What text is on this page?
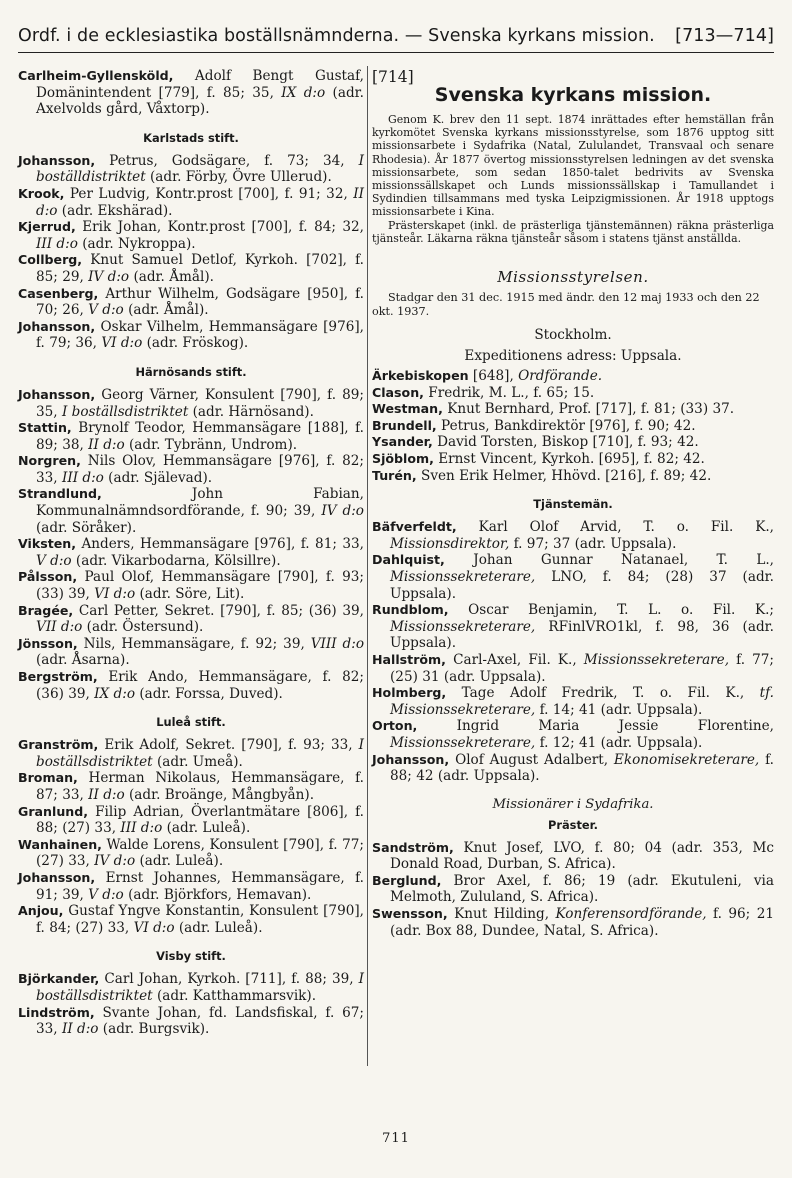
Ordf. i de ecklesiastika boställsnämnderna. — Svenska kyrkans mission. [713—714]

Carlheim-Gyllensköld, Adolf Bengt Gustaf, Domänintendent [779], f. 85; 35, IX d:o (adr. Axelvolds gård, Våxtorp).

Karlstads stift.

Johansson, Petrus, Godsägare, f. 73; 34, I boställdistriktet (adr. Förby, Övre Ullerud).

Krook, Per Ludvig, Kontr.prost [700], f. 91; 32, II d:o (adr. Ekshärad).

Kjerrud, Erik Johan, Kontr.prost [700], f. 84; 32, III d:o (adr. Nykroppa).

Collberg, Knut Samuel Detlof, Kyrkoh. [702], f. 85; 29, IV d:o (adr. Åmål).

Casenberg, Arthur Wilhelm, Godsägare [950], f. 70; 26, V d:o (adr. Åmål).

Johansson, Oskar Vilhelm, Hemmansägare [976], f. 79; 36, VI d:o (adr. Fröskog).

Härnösands stift.

Johansson, Georg Värner, Konsulent [790], f. 89; 35, I boställsdistriktet (adr. Härnösand).

Stattin, Brynolf Teodor, Hemmansägare [188], f. 89; 38, II d:o (adr. Tybränn, Undrom).

Norgren, Nils Olov, Hemmansägare [976], f. 82; 33, III d:o (adr. Själevad).

Strandlund, John Fabian, Kommunalnämndsordförande, f. 90; 39, IV d:o (adr. Söråker).

Viksten, Anders, Hemmansägare [976], f. 81; 33, V d:o (adr. Vikarbodarna, Kölsillre).

Pålsson, Paul Olof, Hemmansägare [790], f. 93; (33) 39, VI d:o (adr. Söre, Lit).

Bragée, Carl Petter, Sekret. [790], f. 85; (36) 39, VII d:o (adr. Östersund).

Jönsson, Nils, Hemmansägare, f. 92; 39, VIII d:o (adr. Åsarna).

Bergström, Erik Ando, Hemmansägare, f. 82; (36) 39, IX d:o (adr. Forssa, Duved).

Luleå stift.

Granström, Erik Adolf, Sekret. [790], f. 93; 33, I boställsdistriktet (adr. Umeå).

Broman, Herman Nikolaus, Hemmansägare, f. 87; 33, II d:o (adr. Broänge, Mångbyån).

Granlund, Filip Adrian, Överlantmätare [806], f. 88; (27) 33, III d:o (adr. Luleå).

Wanhainen, Walde Lorens, Konsulent [790], f. 77; (27) 33, IV d:o (adr. Luleå).

Johansson, Ernst Johannes, Hemmansägare, f. 91; 39, V d:o (adr. Björkfors, Hemavan).

Anjou, Gustaf Yngve Konstantin, Konsulent [790], f. 84; (27) 33, VI d:o (adr. Luleå).

Visby stift.

Björkander, Carl Johan, Kyrkoh. [711], f. 88; 39, I boställsdistriktet (adr. Katthammarsvik).

Lindström, Svante Johan, fd. Landsfiskal, f. 67; 33, II d:o (adr. Burgsvik).

[714]
Svenska kyrkans mission.

Genom K. brev den 11 sept. 1874 inrättades efter hemställan från kyrkomötet Svenska kyrkans missionsstyrelse, som 1876 upptog sitt missionsarbete i Sydafrika (Natal, Zululandet, Transvaal och senare Rhodesia). År 1877 övertog missionsstyrelsen ledningen av det svenska missionsarbete, som sedan 1850-talet bedrivits av Svenska missionssällskapet och Lunds missionssällskap i Tamullandet i Sydindien tillsammans med tyska Leipzigmissionen. År 1918 upptogs missionsarbete i Kina.

Prästerskapet (inkl. de prästerliga tjänstemännen) räkna prästerliga tjänsteår. Läkarna räkna tjänsteår såsom i statens tjänst anställda.

Missionsstyrelsen.

Stadgar den 31 dec. 1915 med ändr. den 12 maj 1933 och den 22 okt. 1937.

Stockholm.
Expeditionens adress: Uppsala.

Ärkebiskopen [648], Ordförande.

Clason, Fredrik, M. L., f. 65; 15.

Westman, Knut Bernhard, Prof. [717], f. 81; (33) 37.

Brundell, Petrus, Bankdirektör [976], f. 90; 42.

Ysander, David Torsten, Biskop [710], f. 93; 42.

Sjöblom, Ernst Vincent, Kyrkoh. [695], f. 82; 42.

Turén, Sven Erik Helmer, Hhövd. [216], f. 89; 42.

Tjänstemän.

Bäfverfeldt, Karl Olof Arvid, T. o. Fil. K., Missionsdirektor, f. 97; 37 (adr. Uppsala).

Dahlquist, Johan Gunnar Natanael, T. L., Missionssekreterare, LNO, f. 84; (28) 37 (adr. Uppsala).

Rundblom, Oscar Benjamin, T. L. o. Fil. K.; Missionssekreterare, RFinlVRO1kl, f. 98, 36 (adr. Uppsala).

Hallström, Carl-Axel, Fil. K., Missionssekreterare, f. 77; (25) 31 (adr. Uppsala).

Holmberg, Tage Adolf Fredrik, T. o. Fil. K., tf. Missionssekreterare, f. 14; 41 (adr. Uppsala).

Orton, Ingrid Maria Jessie Florentine, Missionssekreterare, f. 12; 41 (adr. Uppsala).

Johansson, Olof August Adalbert, Ekonomisekreterare, f. 88; 42 (adr. Uppsala).

Missionärer i Sydafrika.
Präster.

Sandström, Knut Josef, LVO, f. 80; 04 (adr. 353, Mc Donald Road, Durban, S. Africa).

Berglund, Bror Axel, f. 86; 19 (adr. Ekutuleni, via Melmoth, Zululand, S. Africa).

Swensson, Knut Hilding, Konferensordförande, f. 96; 21 (adr. Box 88, Dundee, Natal, S. Africa).

711
